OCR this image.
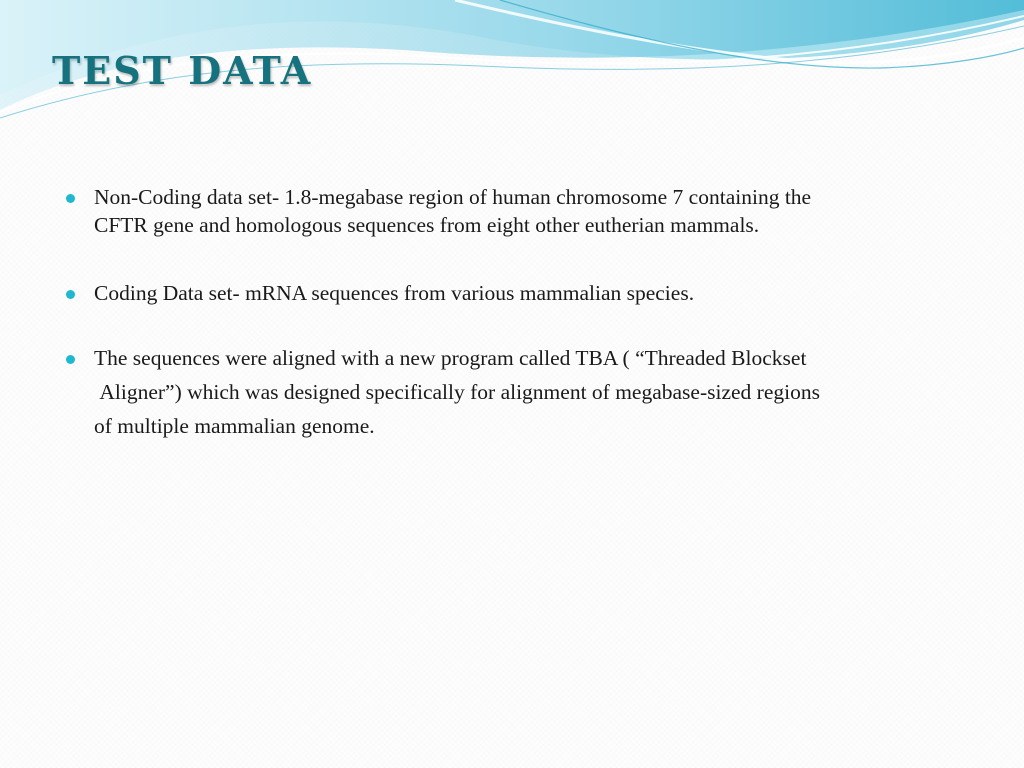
TEST DATA
Non-Coding data set- 1.8-megabase region of human chromosome 7 containing the
CFTR gene and homologous sequences from eight other eutherian mammals.
Coding Data set- mRNA sequences from various mammalian species.
The sequences were aligned with a new program called TBA ( “Threaded Blockset
Aligner”) which was designed specifically for alignment of megabase-sized regions
of multiple mammalian genome.
